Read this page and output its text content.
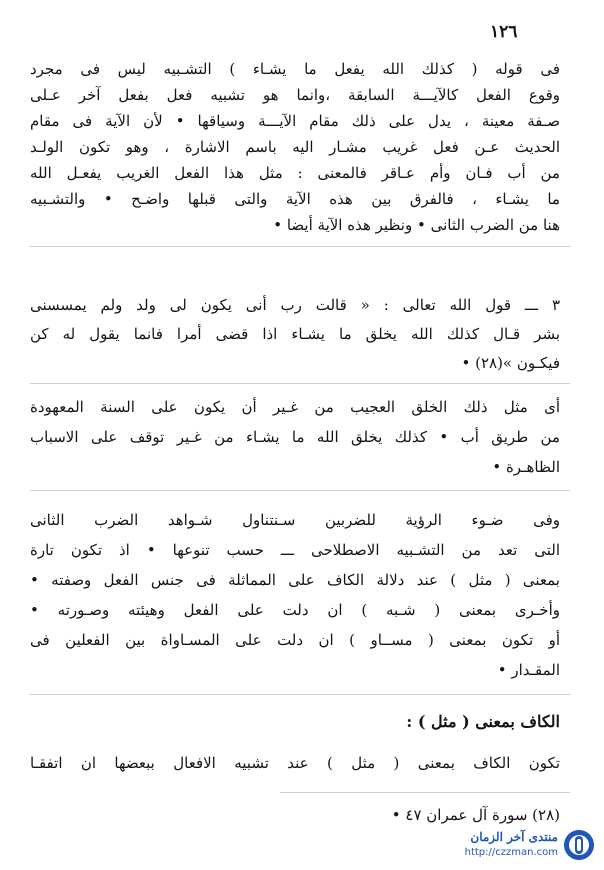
١٢٦
فى قوله ( كذلك الله يفعل ما يشـاء ) التشـبيه ليس فى مجرد
وقوع الفعل كالآيـــة السابقة ،وانما هو تشبيه فعل بفعل آخر عـلى
صـفة معينة ، يدل على ذلك مقام الآيـــة وسياقها • لأن الآية فى مقام
الحديث عـن فعل غريب مشـار اليه باسم الاشارة ، وهو تكون الولـد
من أب فـان وأم عـاقر فالمعنى : مثل هذا الفعل الغريب يفعـل الله
ما يشـاء ، فالفرق بين هذه الآية والتى قبلها واضـح • والتشـبيه
هنا من الضرب الثانى • ونظير هذه الآية أيضا •
٣ ـــ قول الله تعالى : « قالت رب أنى يكون لى ولد ولم يمسسنى
بشر قـال كذلك الله يخلق ما يشـاء اذا قضى أمرا فانما يقول له كن
فيكـون »(٢٨) •
أى مثل ذلك الخلق العجيب من غـير أن يكون على السنة المعهودة
من طريق أب • كذلك يخلق الله ما يشـاء من غـير توقف على الاسباب
الظاهـرة •
وفى ضـوء الرؤية للضربين سـنتناول شـواهد الضرب الثانى
التى تعد من التشـبيه الاصطلاحى ـــ حسب تنوعها • اذ تكون تارة
بمعنى ( مثل ) عند دلالة الكاف على المماثلة فى جنس الفعل وصفته •
وأخـرى بمعنى ( شـبه ) ان دلت على الفعل وهيئته وصـورته •
أو تكون بمعنى ( مســاو ) ان دلت على المسـاواة بين الفعلين فى
المقـدار •
الكاف بمعنى ( مثل ) :
تكون الكاف بمعنى ( مثل ) عند تشبيه الافعال ببعضها ان اتفقـا
(٢٨) سورة آل عمران ٤٧ •
منتدى آخر الزمان
http://czzman.com
